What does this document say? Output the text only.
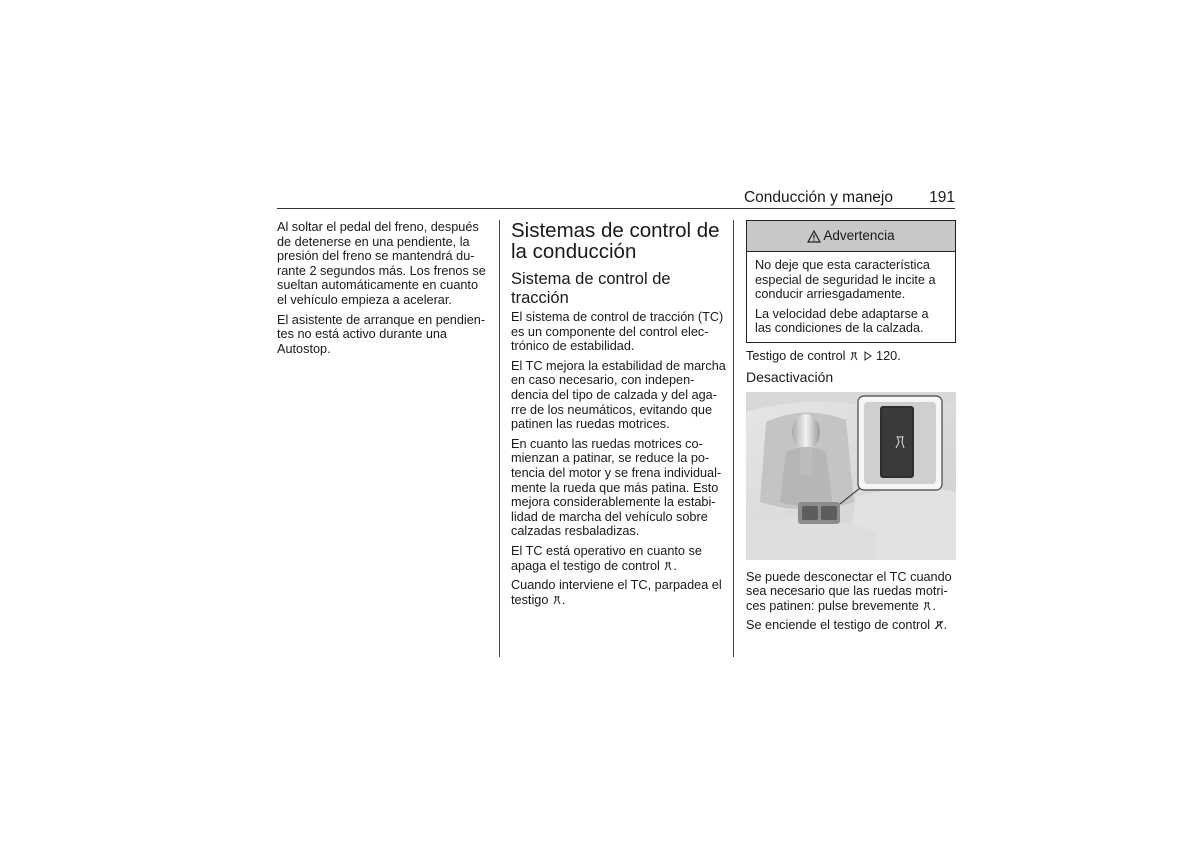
Conducción y manejo 191

Al soltar el pedal del freno, después de detenerse en una pendiente, la presión del freno se mantendrá durante 2 segundos más. Los frenos se sueltan automáticamente en cuanto el vehículo empieza a acelerar.

El asistente de arranque en pendientes no está activo durante una Autostop.

Sistemas de control de la conducción
Sistema de control de tracción

El sistema de control de tracción (TC) es un componente del control electrónico de estabilidad.

El TC mejora la estabilidad de marcha en caso necesario, con independencia del tipo de calzada y del agarre de los neumáticos, evitando que patinen las ruedas motrices.

En cuanto las ruedas motrices comienzan a patinar, se reduce la potencia del motor y se frena individualmente la rueda que más patina. Esto mejora considerablemente la estabilidad de marcha del vehículo sobre calzadas resbaladizas.

El TC está operativo en cuanto se apaga el testigo de control .

Cuando interviene el TC, parpadea el testigo .

Advertencia

No deje que esta característica especial de seguridad le incite a conducir arriesgadamente.

La velocidad debe adaptarse a las condiciones de la calzada.

Testigo de control 120.

Desactivación

Se puede desconectar el TC cuando sea necesario que las ruedas motrices patinen: pulse brevemente .

Se enciende el testigo de control .
